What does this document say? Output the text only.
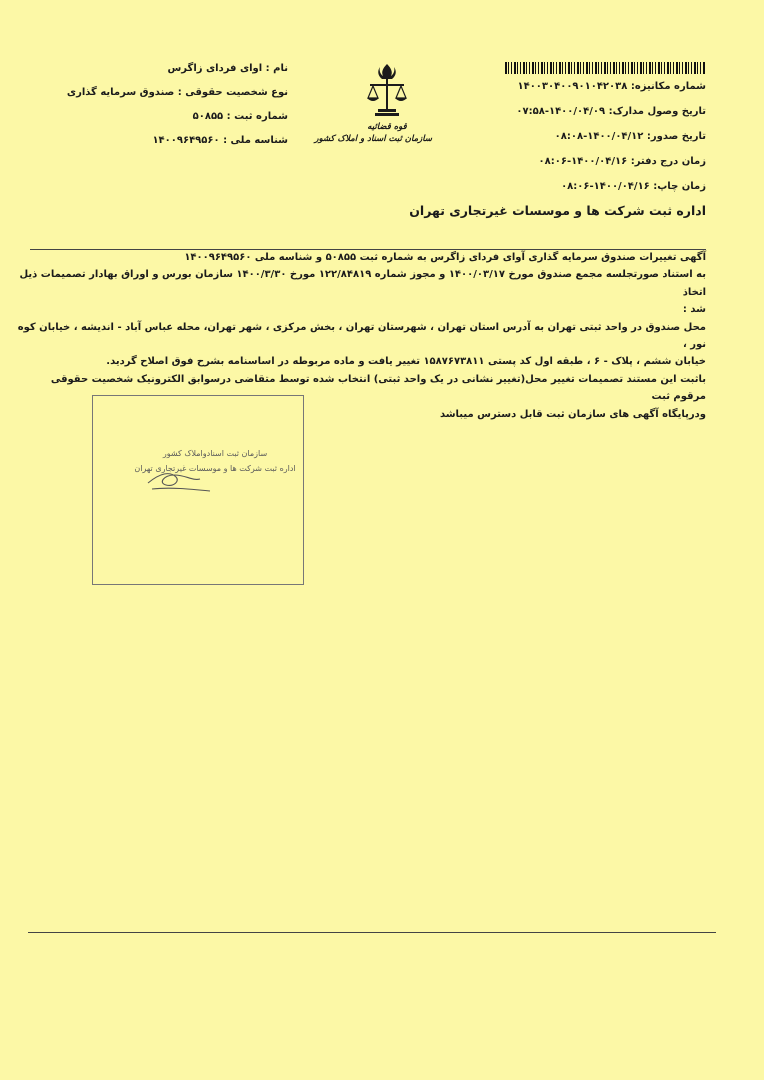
شماره مکانیزه: ۱۴۰۰۳۰۴۰۰۹۰۱۰۴۲۰۳۸
تاریخ وصول مدارک: ۱۴۰۰/۰۴/۰۹-۰۷:۵۸
تاریخ صدور: ۱۴۰۰/۰۴/۱۲-۰۸:۰۸
زمان درج دفتر: ۱۴۰۰/۰۴/۱۶-۰۸:۰۶
زمان چاپ: ۱۴۰۰/۰۴/۱۶-۰۸:۰۶
اداره ثبت شرکت ها و موسسات غیرتجاری تهران
قوه قضائیه
سازمان ثبت اسناد و املاک کشور
نام : اوای فردای زاگرس
نوع شخصیت حقوقی : صندوق سرمایه گذاری
شماره ثبت : ۵۰۸۵۵
شناسه ملی : ۱۴۰۰۹۶۴۹۵۶۰

آگهی تغییرات صندوق سرمایه گذاری آوای فردای زاگرس به شماره ثبت ۵۰۸۵۵ و شناسه ملی ۱۴۰۰۹۶۴۹۵۶۰

به استناد صورتجلسه مجمع صندوق مورخ ۱۴۰۰/۰۳/۱۷ و مجوز شماره ۱۲۲/۸۴۸۱۹ مورخ ۱۴۰۰/۳/۳۰ سازمان بورس و اوراق بهادار تصمیمات ذیل اتخاذ

شد :

محل صندوق در واحد ثبتی تهران به آدرس استان تهران ، شهرستان تهران ، بخش مرکزی ، شهر تهران، محله عباس آباد - اندیشه ، خیابان کوه نور ،

خیابان ششم ، پلاک - ۶ ، طبقه اول کد پستی ۱۵۸۷۶۷۳۸۱۱ تغییر یافت و ماده مربوطه در اساسنامه بشرح فوق اصلاح گردید.

باثبت این مستند تصمیمات تغییر محل(تغییر نشانی در یک واحد ثبتی) انتخاب شده توسط متقاضی درسوابق الکترونیک شخصیت حقوقی مرقوم ثبت

ودرپایگاه آگهی های سازمان ثبت قابل دسترس میباشد

سازمان ثبت اسنادواملاک کشور
اداره ثبت شرکت ها و موسسات غیرتجاری تهران
